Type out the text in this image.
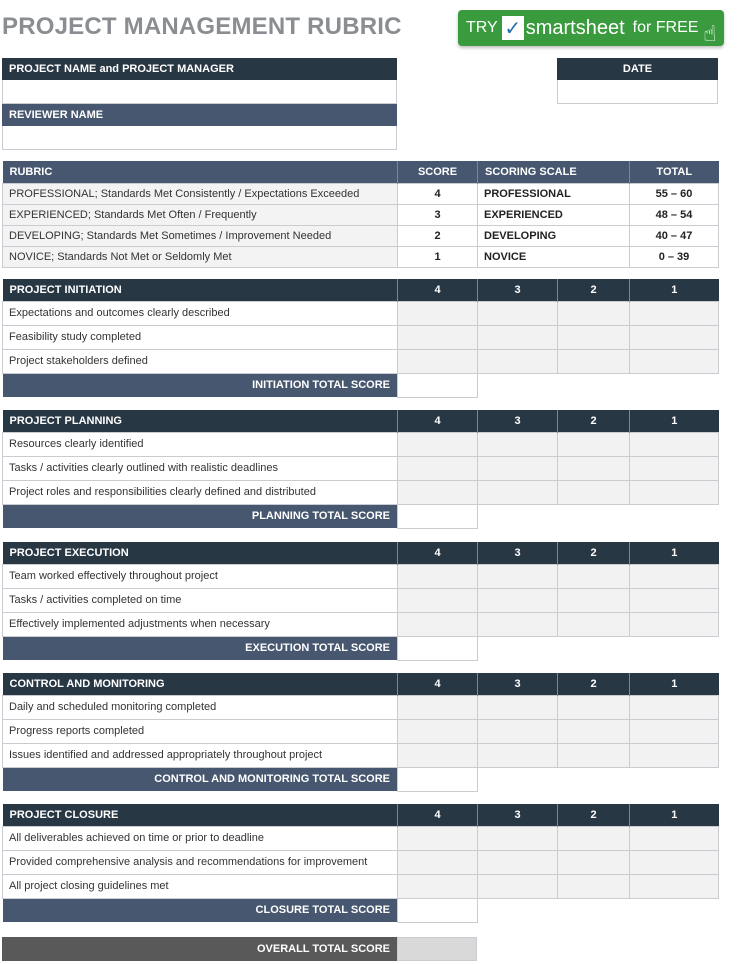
PROJECT MANAGEMENT RUBRIC	TRY ✓ smartsheet for FREE ☝
PROJECT NAME and PROJECT MANAGER
REVIEWER NAME
DATE
RUBRIC	SCORE	SCORING SCALE	TOTAL
PROFESSIONAL; Standards Met Consistently / Expectations Exceeded	4	PROFESSIONAL	55 – 60
EXPERIENCED; Standards Met Often / Frequently	3	EXPERIENCED	48 – 54
DEVELOPING; Standards Met Sometimes / Improvement Needed	2	DEVELOPING	40 – 47
NOVICE; Standards Not Met or Seldomly Met	1	NOVICE	0 – 39
PROJECT INITIATION	4	3	2	1
Expectations and outcomes clearly described				
Feasibility study completed				
Project stakeholders defined				
INITIATION TOTAL SCORE				
PROJECT PLANNING	4	3	2	1
Resources clearly identified				
Tasks / activities clearly outlined with realistic deadlines				
Project roles and responsibilities clearly defined and distributed				
PLANNING TOTAL SCORE				
PROJECT EXECUTION	4	3	2	1
Team worked effectively throughout project				
Tasks / activities completed on time				
Effectively implemented adjustments when necessary				
EXECUTION TOTAL SCORE				
CONTROL AND MONITORING	4	3	2	1
Daily and scheduled monitoring completed				
Progress reports completed				
Issues identified and addressed appropriately throughout project				
CONTROL AND MONITORING TOTAL SCORE				
PROJECT CLOSURE	4	3	2	1
All deliverables achieved on time or prior to deadline				
Provided comprehensive analysis and recommendations for improvement				
All project closing guidelines met				
CLOSURE TOTAL SCORE				
OVERALL TOTAL SCORE
